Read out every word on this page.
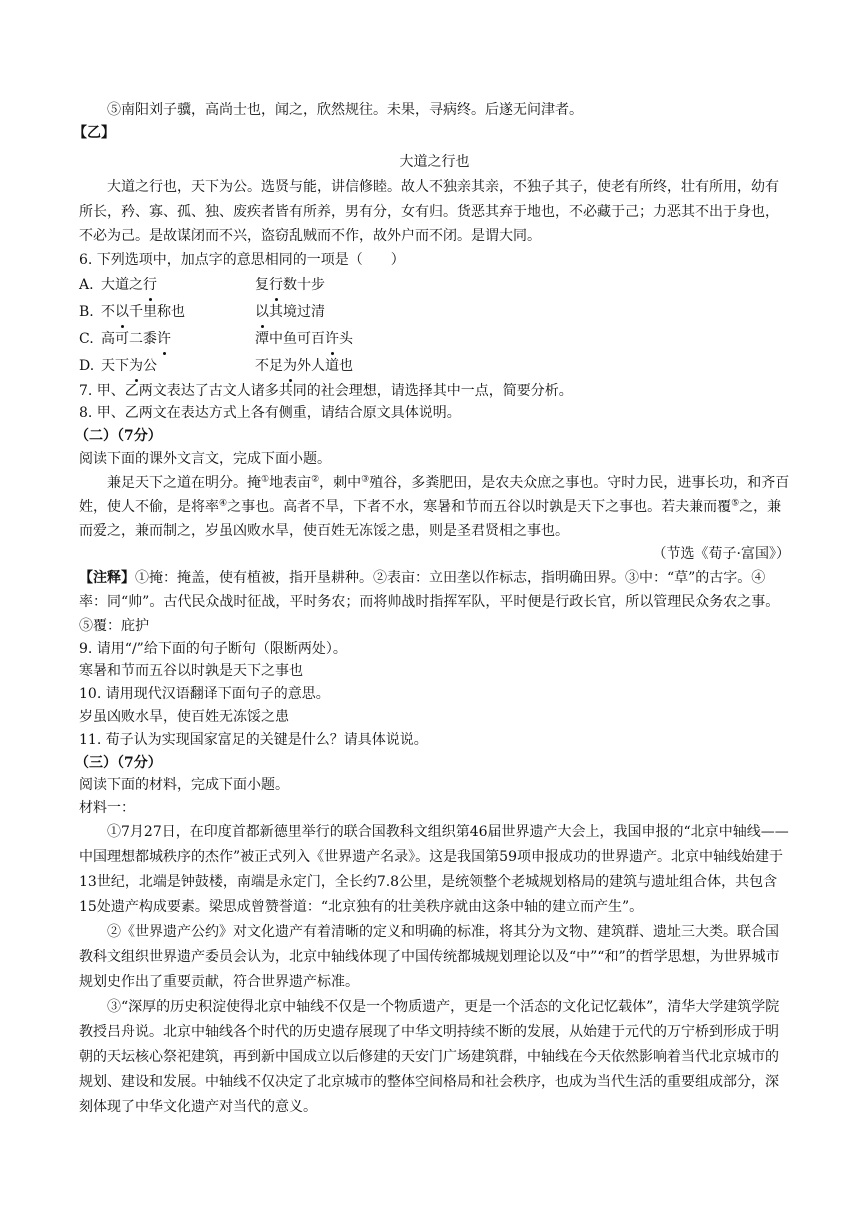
⑤南阳刘子骥，高尚士也，闻之，欣然规往。未果，寻病终。后遂无问津者。

【乙】

大道之行也

大道之行也，天下为公。选贤与能，讲信修睦。故人不独亲其亲，不独子其子，使老有所终，壮有所用，幼有所长，矜、寡、孤、独、废疾者皆有所养，男有分，女有归。货恶其弃于地也，不必藏于己；力恶其不出于身也，不必为己。是故谋闭而不兴，盗窃乱贼而不作，故外户而不闭。是谓大同。

6. 下列选项中，加点字的意思相同的一项是（　　）

A. 大道之行	复行数十步
B. 不以千里称也	以其境过清
C. 高可二黍许	潭中鱼可百许头
D. 天下为公	不足为外人道也

7. 甲、乙两文表达了古文人诸多共同的社会理想，请选择其中一点，简要分析。

8. 甲、乙两文在表达方式上各有侧重，请结合原文具体说明。

（二）（7分）

阅读下面的课外文言文，完成下面小题。

兼足天下之道在明分。掩①地表亩②，刺中③殖谷，多粪肥田，是农夫众庶之事也。守时力民，进事长功，和齐百姓，使人不偷，是将率④之事也。高者不旱，下者不水，寒暑和节而五谷以时孰是天下之事也。若夫兼而覆⑤之，兼而爱之，兼而制之，岁虽凶败水旱，使百姓无冻馁之患，则是圣君贤相之事也。

（节选《荀子·富国》）

【注释】①掩：掩盖，使有植被，指开垦耕种。②表亩：立田垄以作标志，指明确田界。③中：“草”的古字。④率：同“帅”。古代民众战时征战，平时务农；而将帅战时指挥军队，平时便是行政长官，所以管理民众务农之事。⑤覆：庇护

9. 请用“/”给下面的句子断句（限断两处）。

寒暑和节而五谷以时孰是天下之事也

10. 请用现代汉语翻译下面句子的意思。

岁虽凶败水旱，使百姓无冻馁之患

11. 荀子认为实现国家富足的关键是什么？请具体说说。

（三）（7分）

阅读下面的材料，完成下面小题。

材料一：

①7月27日，在印度首都新德里举行的联合国教科文组织第46届世界遗产大会上，我国申报的“北京中轴线——中国理想都城秩序的杰作”被正式列入《世界遗产名录》。这是我国第59项申报成功的世界遗产。北京中轴线始建于13世纪，北端是钟鼓楼，南端是永定门，全长约7.8公里，是统领整个老城规划格局的建筑与遗址组合体，共包含15处遗产构成要素。梁思成曾赞誉道：“北京独有的壮美秩序就由这条中轴的建立而产生”。

②《世界遗产公约》对文化遗产有着清晰的定义和明确的标准，将其分为文物、建筑群、遗址三大类。联合国教科文组织世界遗产委员会认为，北京中轴线体现了中国传统都城规划理论以及“中”“和”的哲学思想，为世界城市规划史作出了重要贡献，符合世界遗产标准。

③“深厚的历史积淀使得北京中轴线不仅是一个物质遗产，更是一个活态的文化记忆载体”，清华大学建筑学院教授吕舟说。北京中轴线各个时代的历史遗存展现了中华文明持续不断的发展，从始建于元代的万宁桥到形成于明朝的天坛核心祭祀建筑，再到新中国成立以后修建的天安门广场建筑群，中轴线在今天依然影响着当代北京城市的规划、建设和发展。中轴线不仅决定了北京城市的整体空间格局和社会秩序，也成为当代生活的重要组成部分，深刻体现了中华文化遗产对当代的意义。
